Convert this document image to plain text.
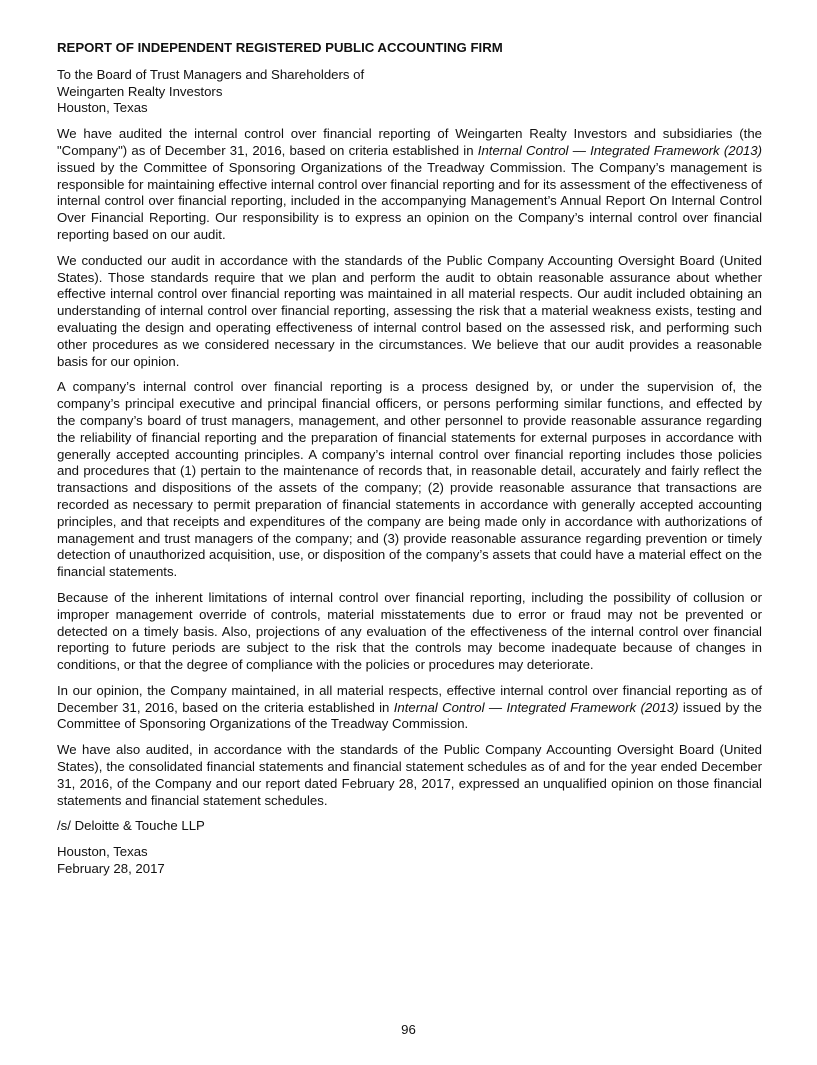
REPORT OF INDEPENDENT REGISTERED PUBLIC ACCOUNTING FIRM
To the Board of Trust Managers and Shareholders of
Weingarten Realty Investors
Houston, Texas

We have audited the internal control over financial reporting of Weingarten Realty Investors and subsidiaries (the "Company") as of December 31, 2016, based on criteria established in Internal Control — Integrated Framework (2013) issued by the Committee of Sponsoring Organizations of the Treadway Commission. The Company’s management is responsible for maintaining effective internal control over financial reporting and for its assessment of the effectiveness of internal control over financial reporting, included in the accompanying Management’s Annual Report On Internal Control Over Financial Reporting. Our responsibility is to express an opinion on the Company’s internal control over financial reporting based on our audit.

We conducted our audit in accordance with the standards of the Public Company Accounting Oversight Board (United States). Those standards require that we plan and perform the audit to obtain reasonable assurance about whether effective internal control over financial reporting was maintained in all material respects. Our audit included obtaining an understanding of internal control over financial reporting, assessing the risk that a material weakness exists, testing and evaluating the design and operating effectiveness of internal control based on the assessed risk, and performing such other procedures as we considered necessary in the circumstances. We believe that our audit provides a reasonable basis for our opinion.

A company’s internal control over financial reporting is a process designed by, or under the supervision of, the company’s principal executive and principal financial officers, or persons performing similar functions, and effected by the company’s board of trust managers, management, and other personnel to provide reasonable assurance regarding the reliability of financial reporting and the preparation of financial statements for external purposes in accordance with generally accepted accounting principles. A company’s internal control over financial reporting includes those policies and procedures that (1) pertain to the maintenance of records that, in reasonable detail, accurately and fairly reflect the transactions and dispositions of the assets of the company; (2) provide reasonable assurance that transactions are recorded as necessary to permit preparation of financial statements in accordance with generally accepted accounting principles, and that receipts and expenditures of the company are being made only in accordance with authorizations of management and trust managers of the company; and (3) provide reasonable assurance regarding prevention or timely detection of unauthorized acquisition, use, or disposition of the company’s assets that could have a material effect on the financial statements.

Because of the inherent limitations of internal control over financial reporting, including the possibility of collusion or improper management override of controls, material misstatements due to error or fraud may not be prevented or detected on a timely basis. Also, projections of any evaluation of the effectiveness of the internal control over financial reporting to future periods are subject to the risk that the controls may become inadequate because of changes in conditions, or that the degree of compliance with the policies or procedures may deteriorate.

In our opinion, the Company maintained, in all material respects, effective internal control over financial reporting as of December 31, 2016, based on the criteria established in Internal Control — Integrated Framework (2013) issued by the Committee of Sponsoring Organizations of the Treadway Commission.

We have also audited, in accordance with the standards of the Public Company Accounting Oversight Board (United States), the consolidated financial statements and financial statement schedules as of and for the year ended December 31, 2016, of the Company and our report dated February 28, 2017, expressed an unqualified opinion on those financial statements and financial statement schedules.

/s/ Deloitte & Touche LLP
Houston, Texas
February 28, 2017
96
